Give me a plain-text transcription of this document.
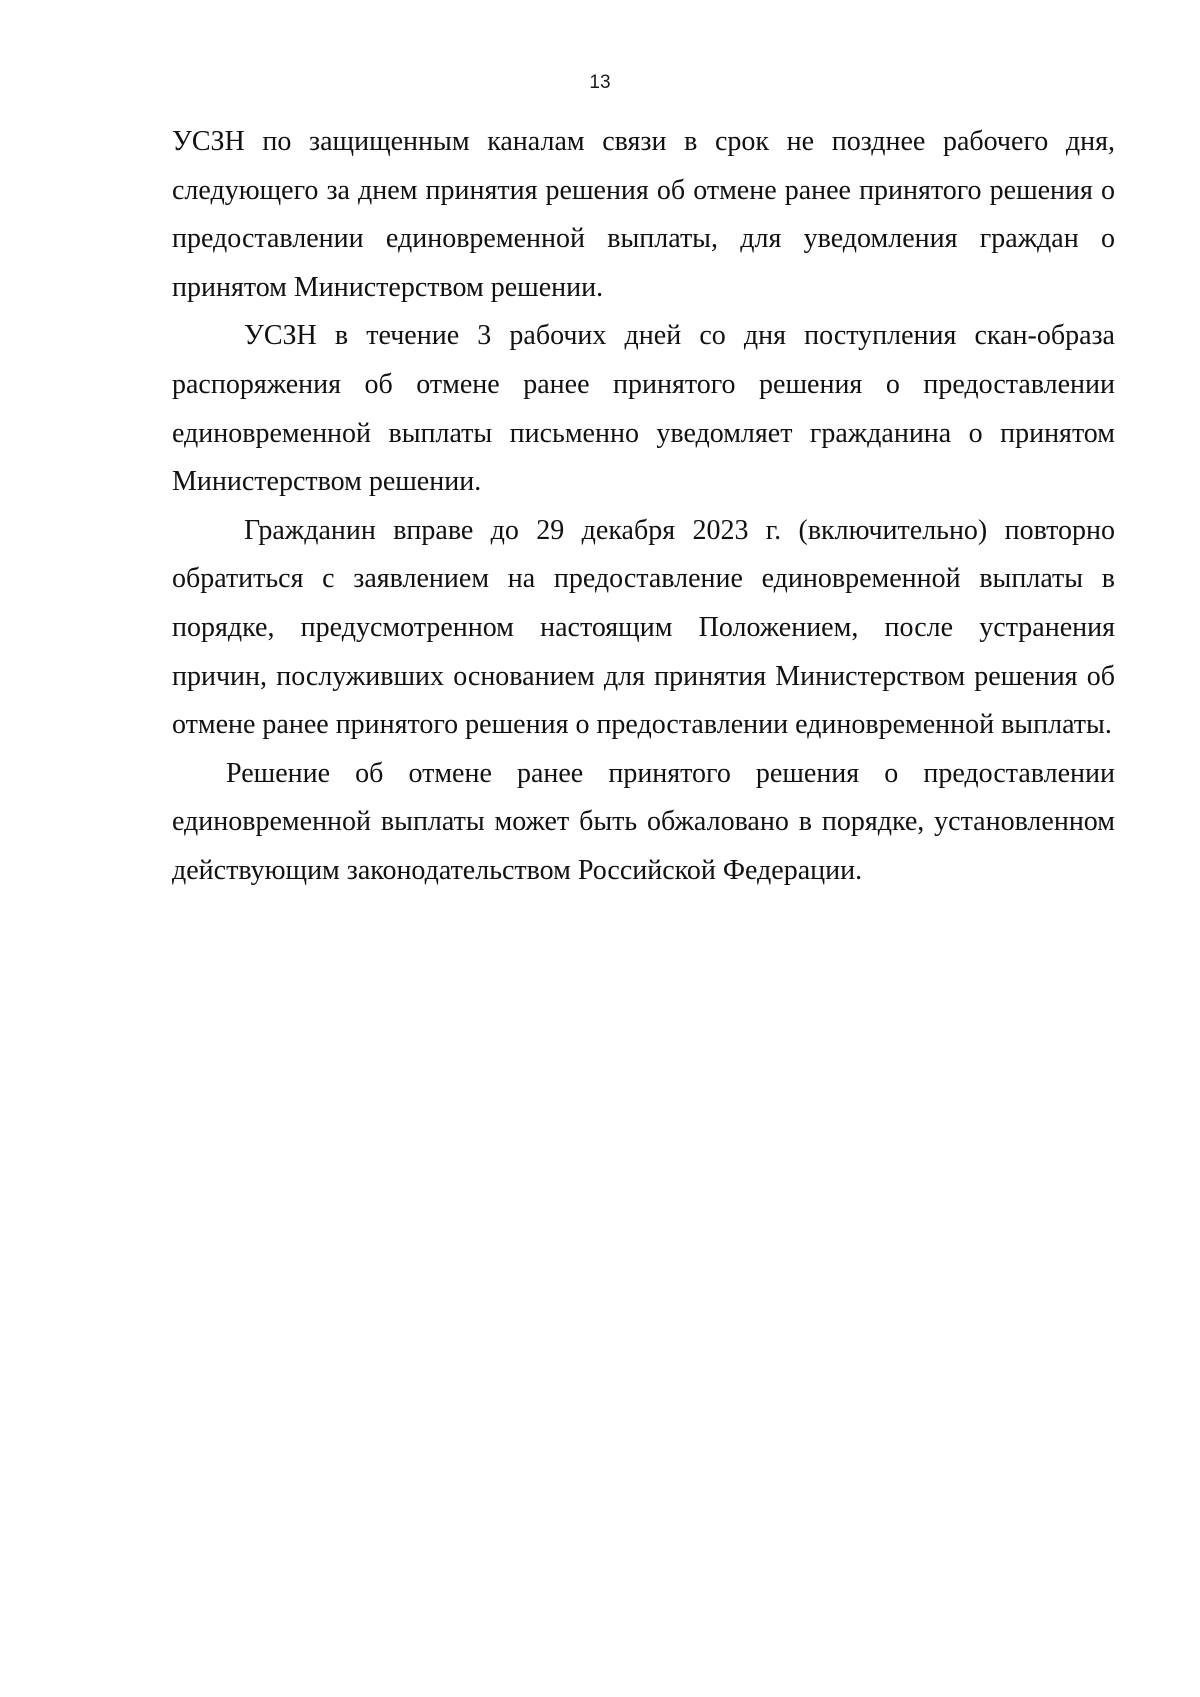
13

УСЗН по защищенным каналам связи в срок не позднее рабочего дня, следующего за днем принятия решения об отмене ранее принятого решения о предоставлении единовременной выплаты, для уведомления граждан о принятом Министерством решении.

УСЗН в течение 3 рабочих дней со дня поступления скан-образа распоряжения об отмене ранее принятого решения о предоставлении единовременной выплаты письменно уведомляет гражданина о принятом Министерством решении.

Гражданин вправе до 29 декабря 2023 г. (включительно) повторно обратиться с заявлением на предоставление единовременной выплаты в порядке, предусмотренном настоящим Положением, после устранения причин, послуживших основанием для принятия Министерством решения об отмене ранее принятого решения о предоставлении единовременной выплаты.

Решение об отмене ранее принятого решения о предоставлении единовременной выплаты может быть обжаловано в порядке, установленном действующим законодательством Российской Федерации.
